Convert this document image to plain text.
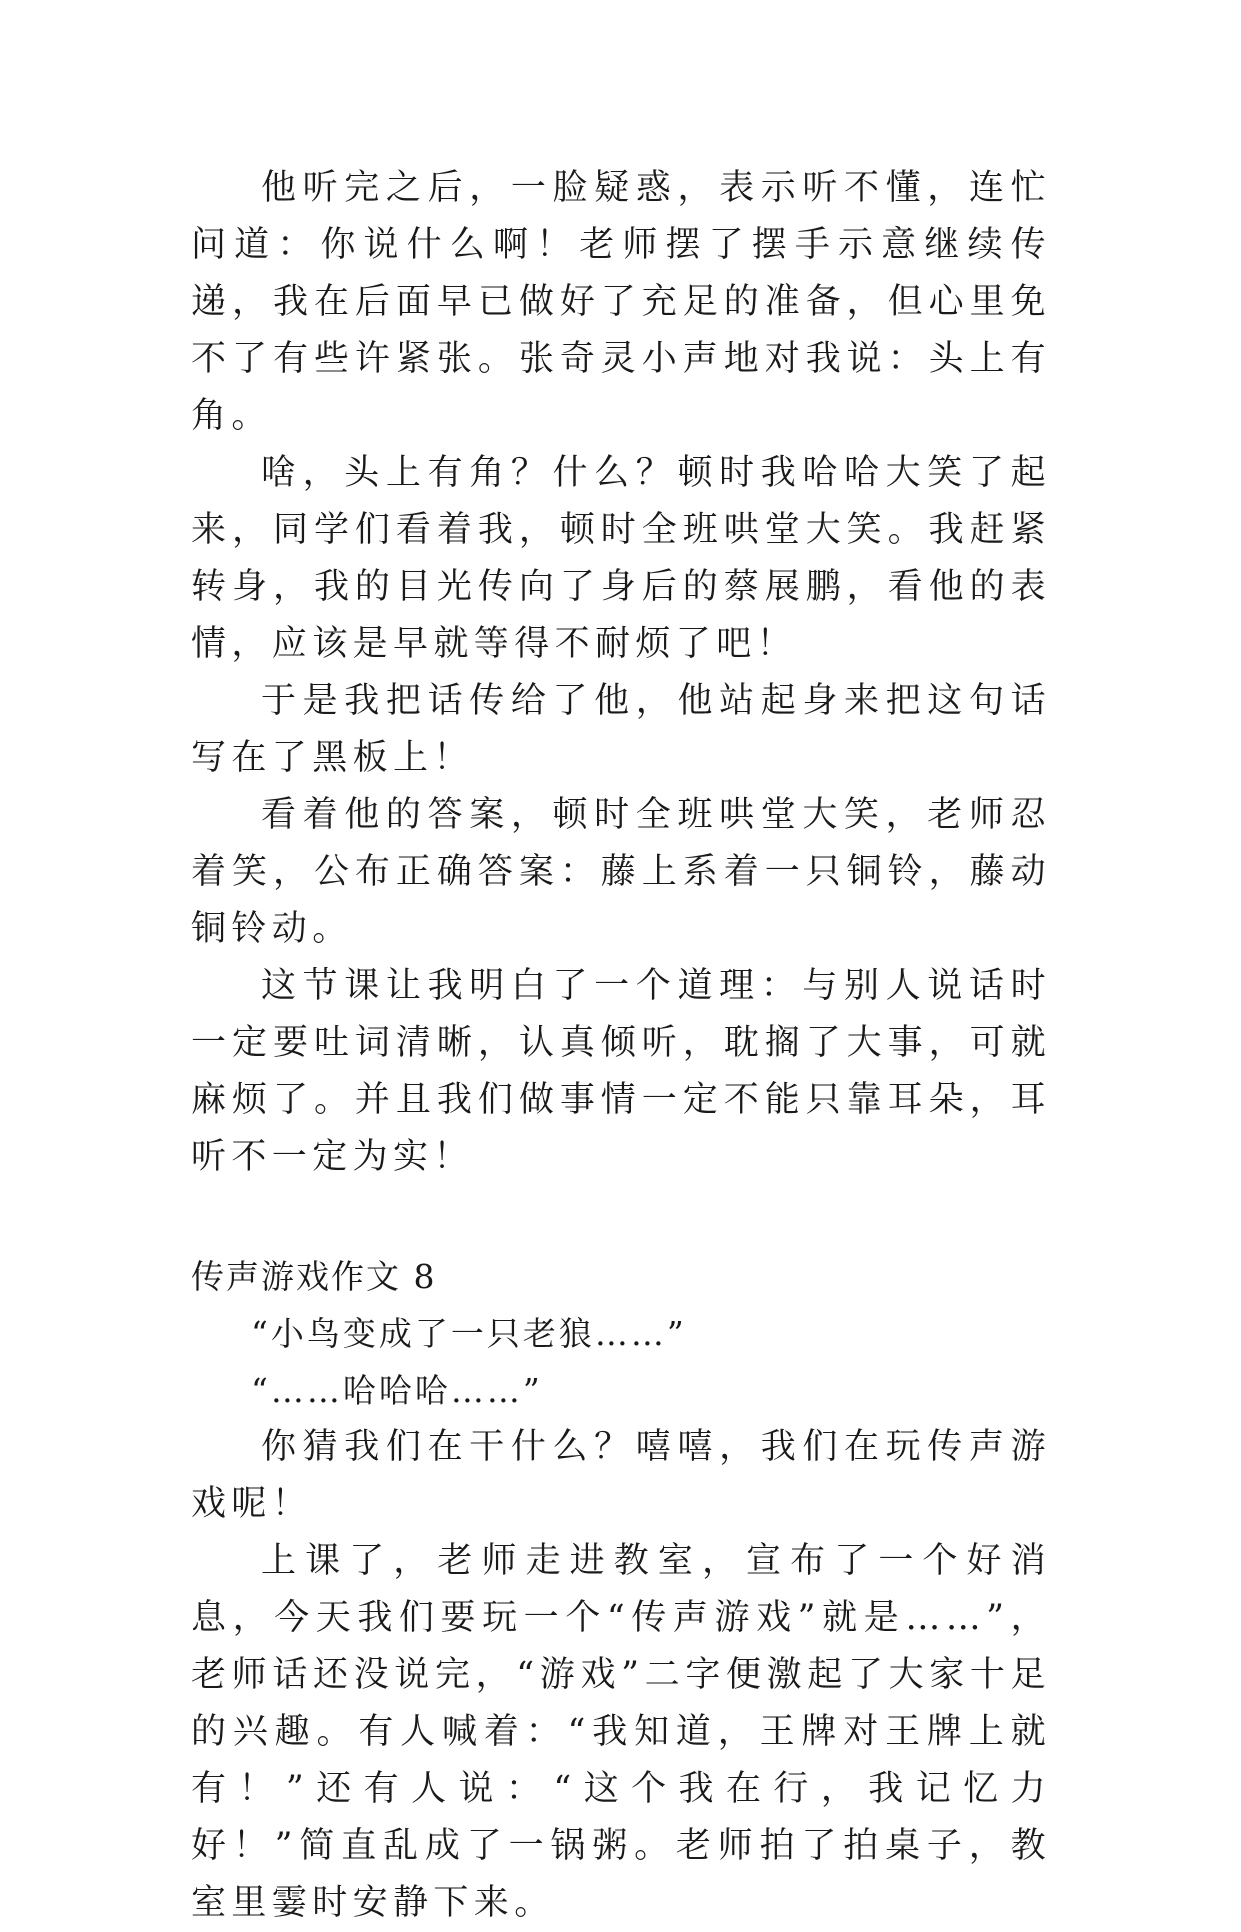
他听完之后，一脸疑惑，表示听不懂，连忙问道：你说什么啊！老师摆了摆手示意继续传递，我在后面早已做好了充足的准备，但心里免不了有些许紧张。张奇灵小声地对我说：头上有角。

啥，头上有角？什么？顿时我哈哈大笑了起来，同学们看着我，顿时全班哄堂大笑。我赶紧转身，我的目光传向了身后的蔡展鹏，看他的表情，应该是早就等得不耐烦了吧！

于是我把话传给了他，他站起身来把这句话写在了黑板上！

看着他的答案，顿时全班哄堂大笑，老师忍着笑，公布正确答案：藤上系着一只铜铃，藤动铜铃动。

这节课让我明白了一个道理：与别人说话时一定要吐词清晰，认真倾听，耽搁了大事，可就麻烦了。并且我们做事情一定不能只靠耳朵，耳听不一定为实！

传声游戏作文 8

“小鸟变成了一只老狼……”

“……哈哈哈……”

你猜我们在干什么？嘻嘻，我们在玩传声游戏呢！

上课了，老师走进教室，宣布了一个好消息，今天我们要玩一个“传声游戏”就是……”，老师话还没说完，“游戏”二字便激起了大家十足的兴趣。有人喊着：“我知道，王牌对王牌上就有！”还有人说：“这个我在行，我记忆力好！”简直乱成了一锅粥。老师拍了拍桌子，教室里霎时安静下来。
